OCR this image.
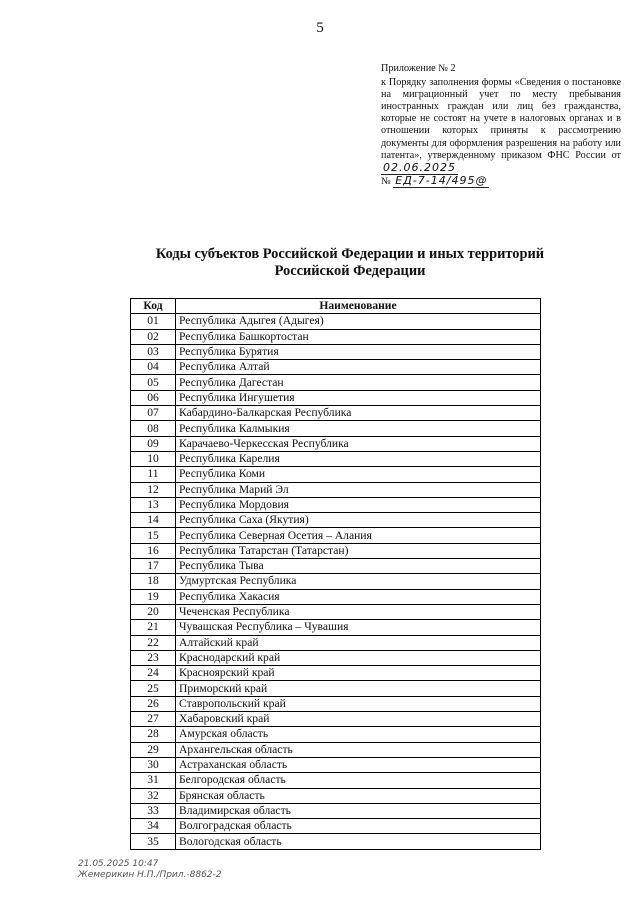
5
Приложение № 2
к Порядку заполнения формы «Сведения о постановке на миграционный учет по месту пребывания иностранных граждан или лиц без гражданства, которые не состоят на учете в налоговых органах и в отношении которых приняты к рассмотрению документы для оформления разрешения на работу или патента», утвержденному приказом ФНС России от 02.06.2025
№ ЕД-7-14/495@
Коды субъектов Российской Федерации и иных территорий
Российской Федерации
Код	Наименование
01	Республика Адыгея (Адыгея)
02	Республика Башкортостан
03	Республика Бурятия
04	Республика Алтай
05	Республика Дагестан
06	Республика Ингушетия
07	Кабардино-Балкарская Республика
08	Республика Калмыкия
09	Карачаево-Черкесская Республика
10	Республика Карелия
11	Республика Коми
12	Республика Марий Эл
13	Республика Мордовия
14	Республика Саха (Якутия)
15	Республика Северная Осетия – Алания
16	Республика Татарстан (Татарстан)
17	Республика Тыва
18	Удмуртская Республика
19	Республика Хакасия
20	Чеченская Республика
21	Чувашская Республика – Чувашия
22	Алтайский край
23	Краснодарский край
24	Красноярский край
25	Приморский край
26	Ставропольский край
27	Хабаровский край
28	Амурская область
29	Архангельская область
30	Астраханская область
31	Белгородская область
32	Брянская область
33	Владимирская область
34	Волгоградская область
35	Вологодская область
21.05.2025 10:47
Жемерикин Н.П./Прил.-8862-2
